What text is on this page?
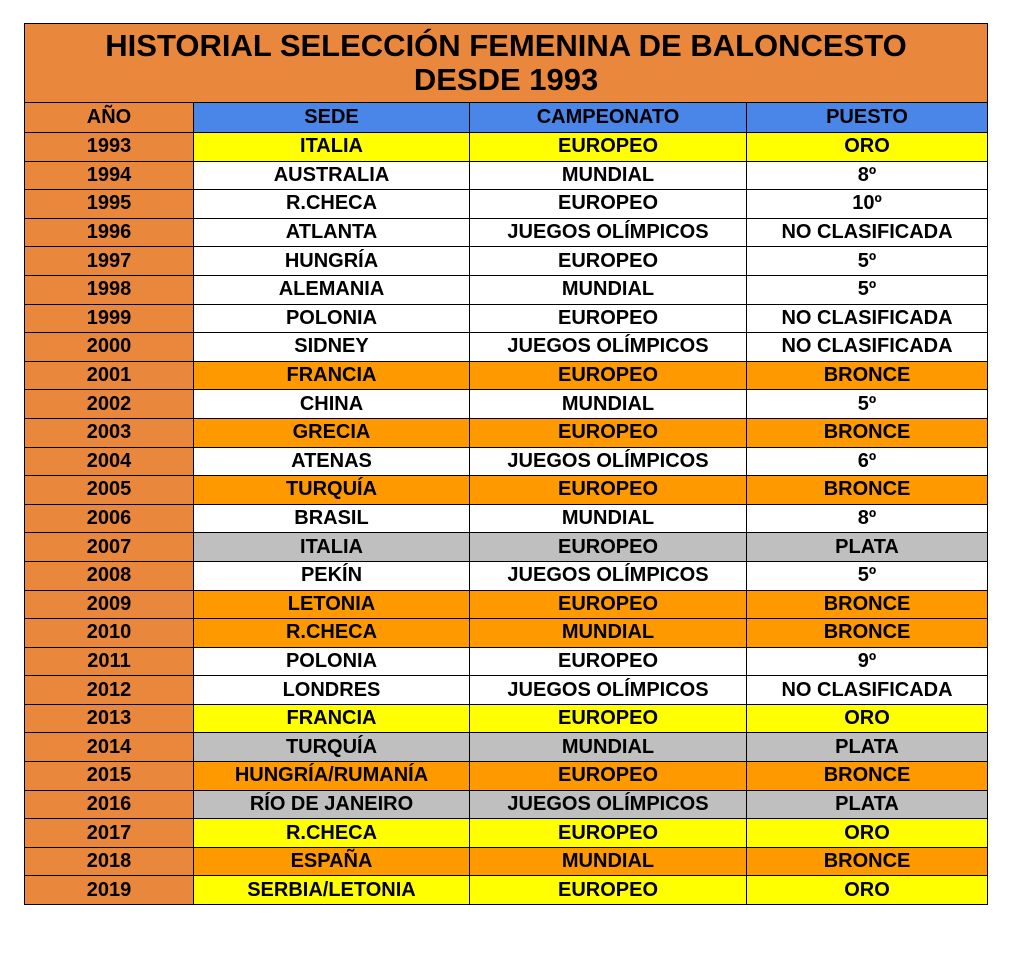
HISTORIAL SELECCIÓN FEMENINA DE BALONCESTO
DESDE 1993			

AÑO	SEDE	CAMPEONATO	PUESTO
1993	ITALIA	EUROPEO	ORO
1994	AUSTRALIA	MUNDIAL	8º
1995	R.CHECA	EUROPEO	10º
1996	ATLANTA	JUEGOS OLÍMPICOS	NO CLASIFICADA
1997	HUNGRÍA	EUROPEO	5º
1998	ALEMANIA	MUNDIAL	5º
1999	POLONIA	EUROPEO	NO CLASIFICADA
2000	SIDNEY	JUEGOS OLÍMPICOS	NO CLASIFICADA
2001	FRANCIA	EUROPEO	BRONCE
2002	CHINA	MUNDIAL	5º
2003	GRECIA	EUROPEO	BRONCE
2004	ATENAS	JUEGOS OLÍMPICOS	6º
2005	TURQUÍA	EUROPEO	BRONCE
2006	BRASIL	MUNDIAL	8º
2007	ITALIA	EUROPEO	PLATA
2008	PEKÍN	JUEGOS OLÍMPICOS	5º
2009	LETONIA	EUROPEO	BRONCE
2010	R.CHECA	MUNDIAL	BRONCE
2011	POLONIA	EUROPEO	9º
2012	LONDRES	JUEGOS OLÍMPICOS	NO CLASIFICADA
2013	FRANCIA	EUROPEO	ORO
2014	TURQUÍA	MUNDIAL	PLATA
2015	HUNGRÍA/RUMANÍA	EUROPEO	BRONCE
2016	RÍO DE JANEIRO	JUEGOS OLÍMPICOS	PLATA
2017	R.CHECA	EUROPEO	ORO
2018	ESPAÑA	MUNDIAL	BRONCE
2019	SERBIA/LETONIA	EUROPEO	ORO
